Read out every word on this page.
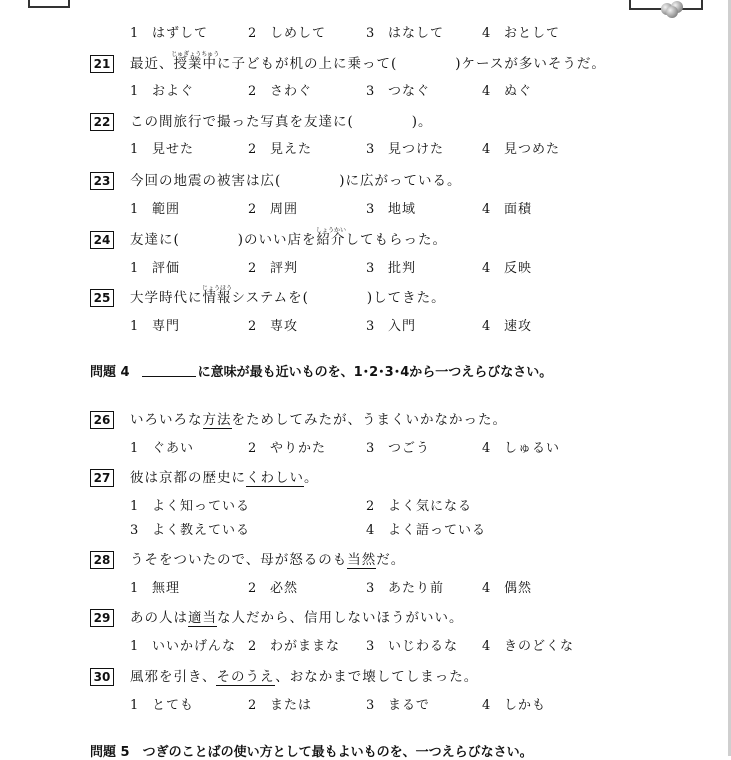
1 はずして	2 しめして	3 はなして	4 おとして
21 最近、
じゅぎょうちゅう
授業中に子どもが机の上に乗って(　　　　)ケースが多いそうだ。
1 およぐ	2 さわぐ	3 つなぐ	4 ぬぐ
22 この間旅行で撮った写真を友達に(　　　　)。
1 見せた	2 見えた	3 見つけた	4 見つめた
23 今回の地震の被害は広(　　　　)に広がっている。
1 範囲	2 周囲	3 地域	4 面積
24 友達に(　　　　)のいい店を
しょうかい
紹介してもらった。
1 評価	2 評判	3 批判	4 反映
25 大学時代に
じょうほう
情報システムを(　　　　)してきた。
1 専門	2 専攻	3 入門	4 速攻
問題 4	に意味が最も近いものを、1･2･3･4から一つえらびなさい。
26 いろいろな方法をためしてみたが、うまくいかなかった。
1 ぐあい	2 やりかた	3 つごう	4 しゅるい
27 彼は京都の歴史にくわしい。
1 よく知っている	2 よく気になる
3 よく教えている	4 よく語っている
28 うそをついたので、母が怒るのも当然だ。
1 無理	2 必然	3 あたり前	4 偶然
29 あの人は適当な人だから、信用しないほうがいい。
1 いいかげんな 2 わがままな 3 いじわるな 4 きのどくな
30 風邪を引き、そのうえ、おなかまで壊してしまった。
1 とても	2 または	3 まるで	4 しかも
問題 5　 つぎのことばの使い方として最もよいものを、一つえらびなさい。
